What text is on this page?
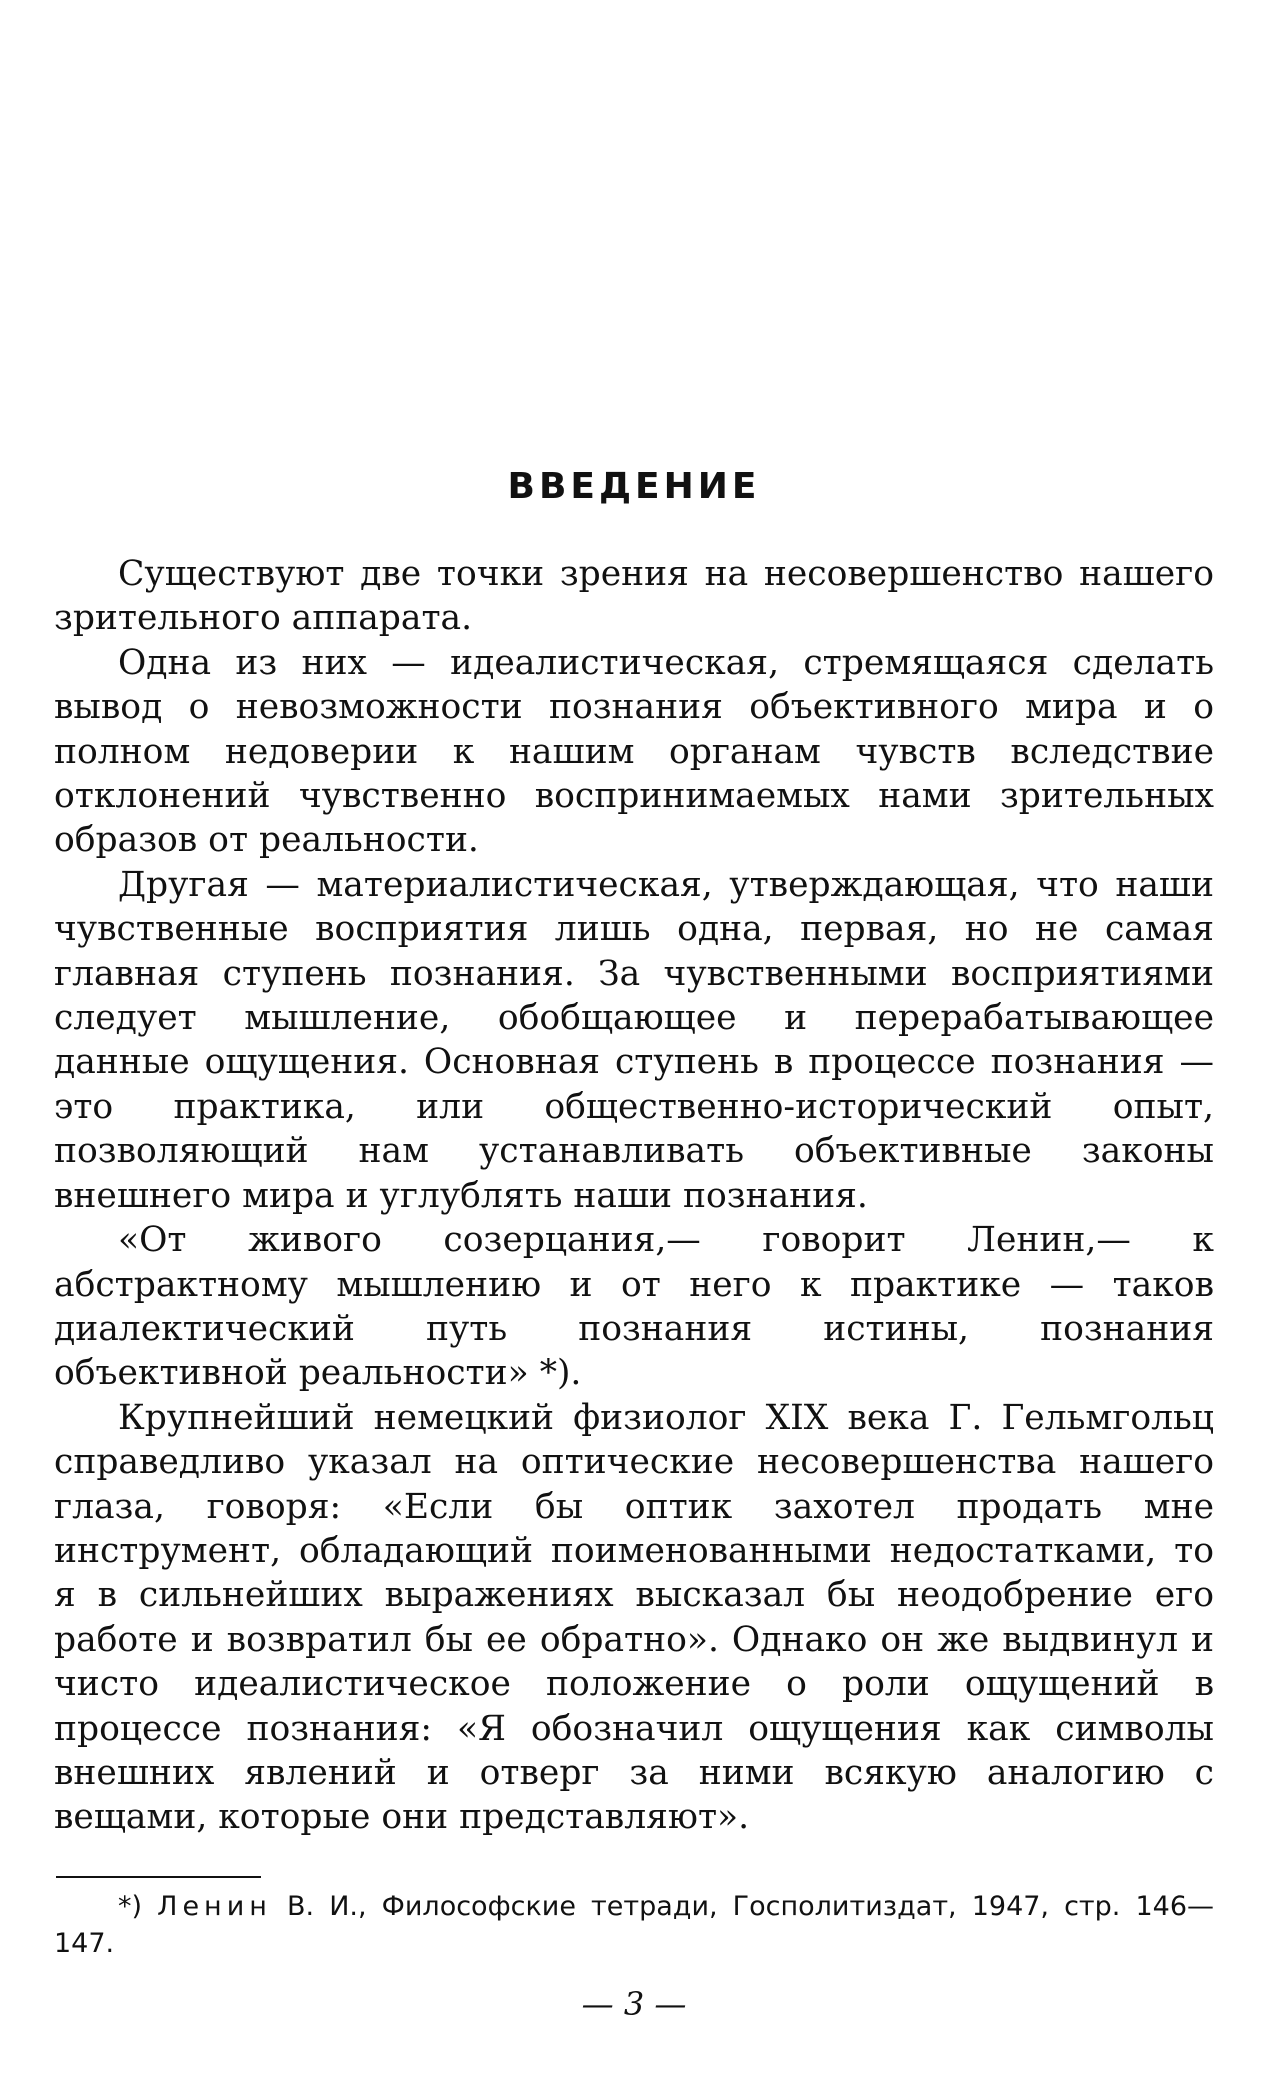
ВВЕДЕНИЕ

Существуют две точки зрения на несовершенство нашего зрительного аппарата.

Одна из них — идеалистическая, стремящаяся сделать вывод о невозможности познания объективного мира и о полном недоверии к нашим органам чувств вследствие отклонений чувственно воспринимаемых нами зрительных образов от реальности.

Другая — материалистическая, утверждающая, что наши чувственные восприятия лишь одна, первая, но не самая главная ступень познания. За чувственными восприятиями следует мышление, обобщающее и перерабатывающее данные ощущения. Основная ступень в процессе познания — это практика, или общественно-исторический опыт, позволяющий нам устанавливать объективные законы внешнего мира и углублять наши познания.

«От живого созерцания,— говорит Ленин,— к абстрактному мышлению и от него к практике — таков диалектический путь познания истины, познания объективной реальности» *).

Крупнейший немецкий физиолог XIX века Г. Гельмгольц справедливо указал на оптические несовершенства нашего глаза, говоря: «Если бы оптик захотел продать мне инструмент, обладающий поименованными недостатками, то я в сильнейших выражениях высказал бы неодобрение его работе и возвратил бы ее обратно». Однако он же выдвинул и чисто идеалистическое положение о роли ощущений в процессе познания: «Я обозначил ощущения как символы внешних явлений и отверг за ними всякую аналогию с вещами, которые они представляют».

*) Ленин В. И., Философские тетради, Госполитиздат, 1947, стр. 146—147.

— 3 —
